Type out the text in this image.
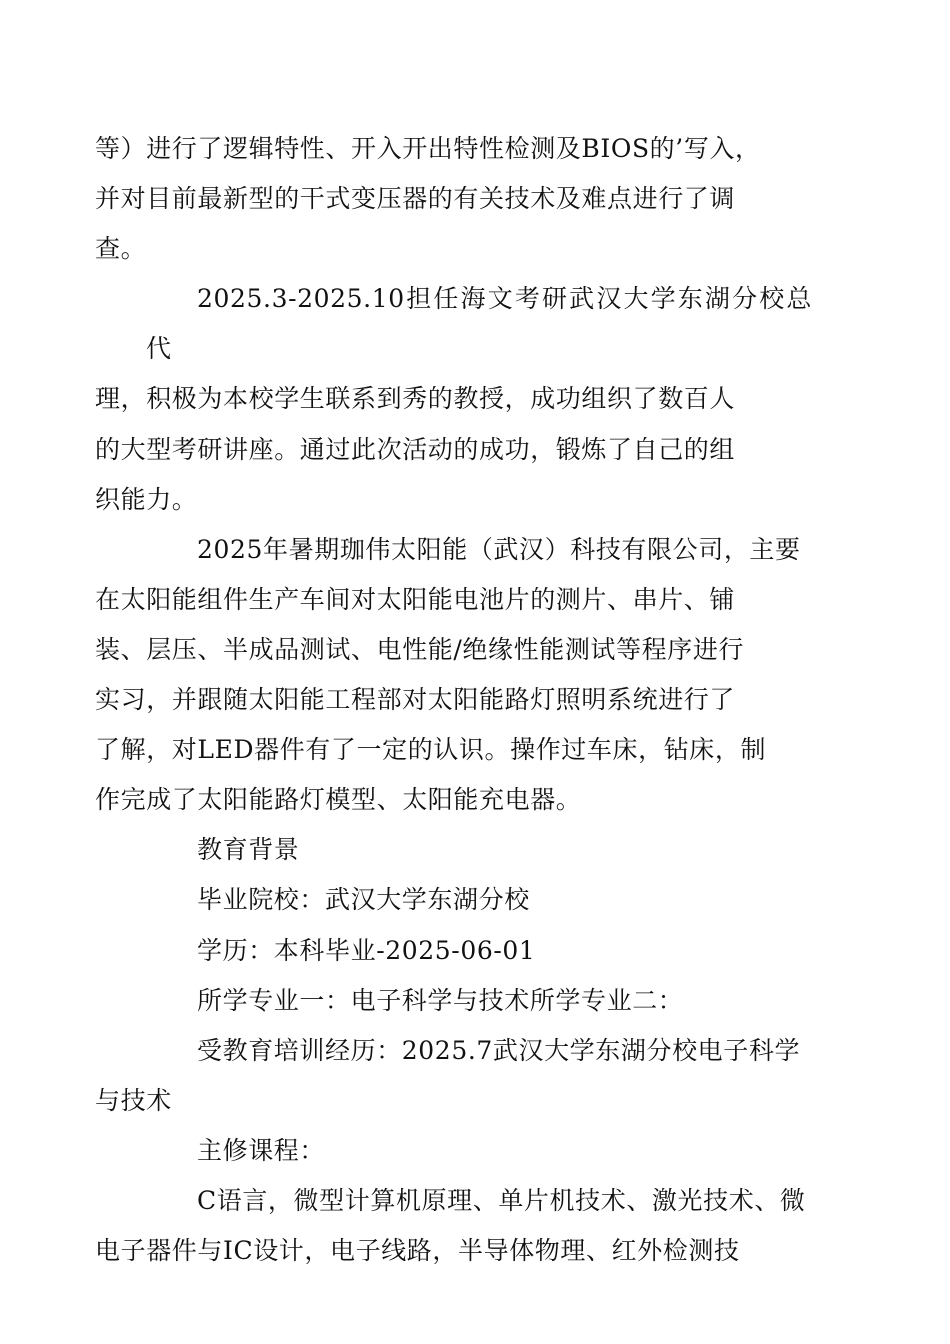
等）进行了逻辑特性、开入开出特性检测及BIOS的’写入，
并对目前最新型的干式变压器的有关技术及难点进行了调
查。

2025.3-2025.10担任海文考研武汉大学东湖分校总代
理，积极为本校学生联系到秀的教授，成功组织了数百人
的大型考研讲座。通过此次活动的成功，锻炼了自己的组
织能力。

2025年暑期珈伟太阳能（武汉）科技有限公司，主要
在太阳能组件生产车间对太阳能电池片的测片、串片、铺
装、层压、半成品测试、电性能/绝缘性能测试等程序进行
实习，并跟随太阳能工程部对太阳能路灯照明系统进行了
了解，对LED器件有了一定的认识。操作过车床，钻床，制
作完成了太阳能路灯模型、太阳能充电器。

教育背景

毕业院校：武汉大学东湖分校

学历：本科毕业-2025-06-01

所学专业一：电子科学与技术所学专业二：

受教育培训经历：2025.7武汉大学东湖分校电子科学
与技术

主修课程：

C语言，微型计算机原理、单片机技术、激光技术、微
电子器件与IC设计，电子线路，半导体物理、红外检测技
